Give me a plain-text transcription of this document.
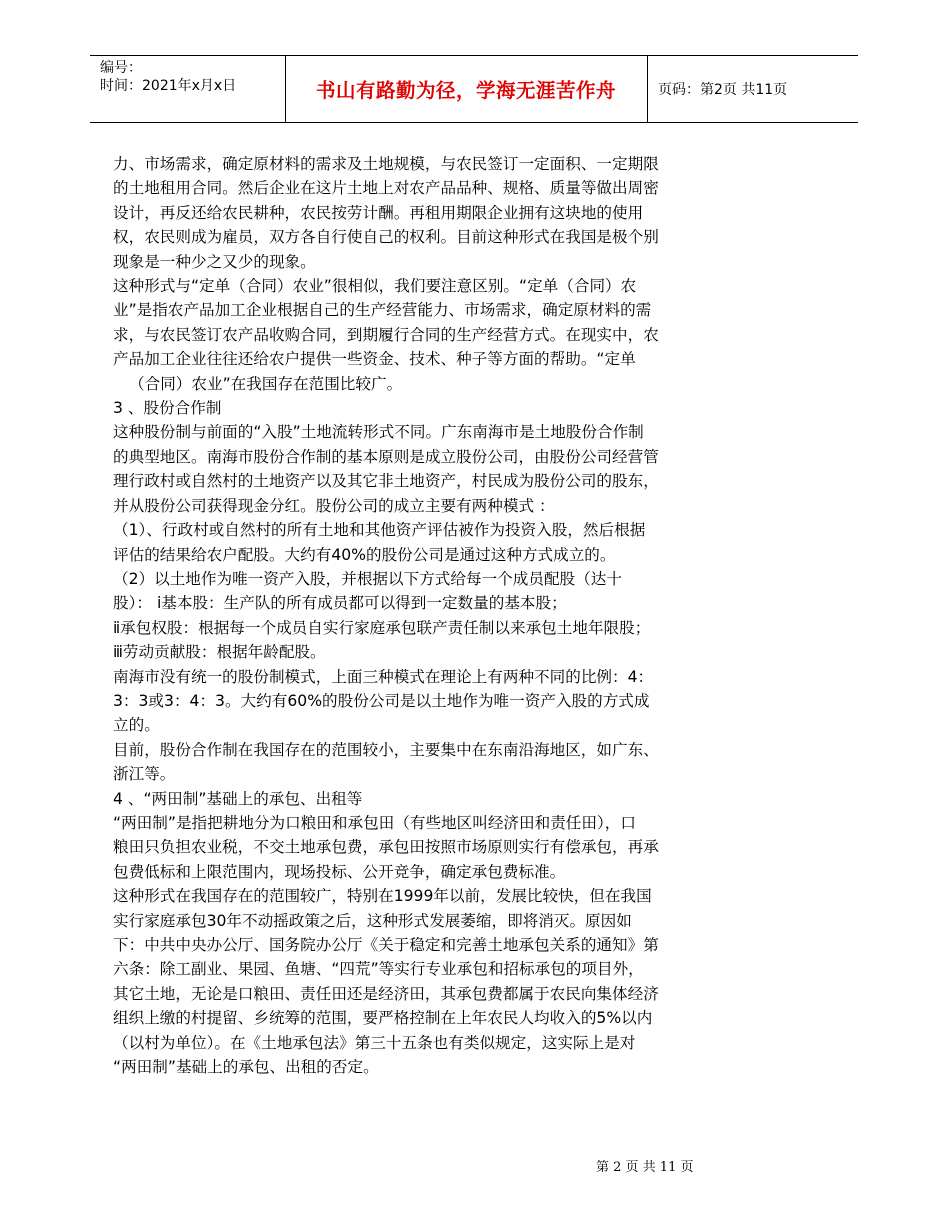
编号：
时间：2021年x月x日	书山有路勤为径，学海无涯苦作舟	页码：第2页 共11页

力、市场需求，确定原材料的需求及土地规模，与农民签订一定面积、一定期限

的土地租用合同。然后企业在这片土地上对农产品品种、规格、质量等做出周密

设计，再反还给农民耕种，农民按劳计酬。再租用期限企业拥有这块地的使用

权，农民则成为雇员，双方各自行使自己的权利。目前这种形式在我国是极个别

现象是一种少之又少的现象。

这种形式与“定单（合同）农业”很相似，我们要注意区别。“定单（合同）农

业”是指农产品加工企业根据自己的生产经营能力、市场需求，确定原材料的需

求，与农民签订农产品收购合同，到期履行合同的生产经营方式。在现实中，农

产品加工企业往往还给农户提供一些资金、技术、种子等方面的帮助。“定单

（合同）农业”在我国存在范围比较广。

3 、股份合作制

这种股份制与前面的“入股”土地流转形式不同。广东南海市是土地股份合作制

的典型地区。南海市股份合作制的基本原则是成立股份公司，由股份公司经营管

理行政村或自然村的土地资产以及其它非土地资产，村民成为股份公司的股东，

并从股份公司获得现金分红。股份公司的成立主要有两种模式 ：

（1）、行政村或自然村的所有土地和其他资产评估被作为投资入股，然后根据

评估的结果给农户配股。大约有40%的股份公司是通过这种方式成立的。

（2）以土地作为唯一资产入股，并根据以下方式给每一个成员配股（达十

股）： ⅰ基本股：生产队的所有成员都可以得到一定数量的基本股；

ⅱ承包权股：根据每一个成员自实行家庭承包联产责任制以来承包土地年限股；

ⅲ劳动贡献股：根据年龄配股。

南海市没有统一的股份制模式，上面三种模式在理论上有两种不同的比例：4：

3：3或3：4：3。大约有60%的股份公司是以土地作为唯一资产入股的方式成

立的。

目前，股份合作制在我国存在的范围较小，主要集中在东南沿海地区，如广东、

浙江等。

4 、“两田制”基础上的承包、出租等

“两田制”是指把耕地分为口粮田和承包田（有些地区叫经济田和责任田），口

粮田只负担农业税，不交土地承包费，承包田按照市场原则实行有偿承包，再承

包费低标和上限范围内，现场投标、公开竞争，确定承包费标准。

这种形式在我国存在的范围较广，特别在1999年以前，发展比较快，但在我国

实行家庭承包30年不动摇政策之后，这种形式发展萎缩，即将消灭。原因如

下：中共中央办公厅、国务院办公厅《关于稳定和完善土地承包关系的通知》第

六条：除工副业、果园、鱼塘、“四荒”等实行专业承包和招标承包的项目外，

其它土地，无论是口粮田、责任田还是经济田，其承包费都属于农民向集体经济

组织上缴的村提留、乡统筹的范围，要严格控制在上年农民人均收入的5%以内

（以村为单位）。在《土地承包法》第三十五条也有类似规定，这实际上是对

“两田制”基础上的承包、出租的否定。

第 2 页 共 11 页
